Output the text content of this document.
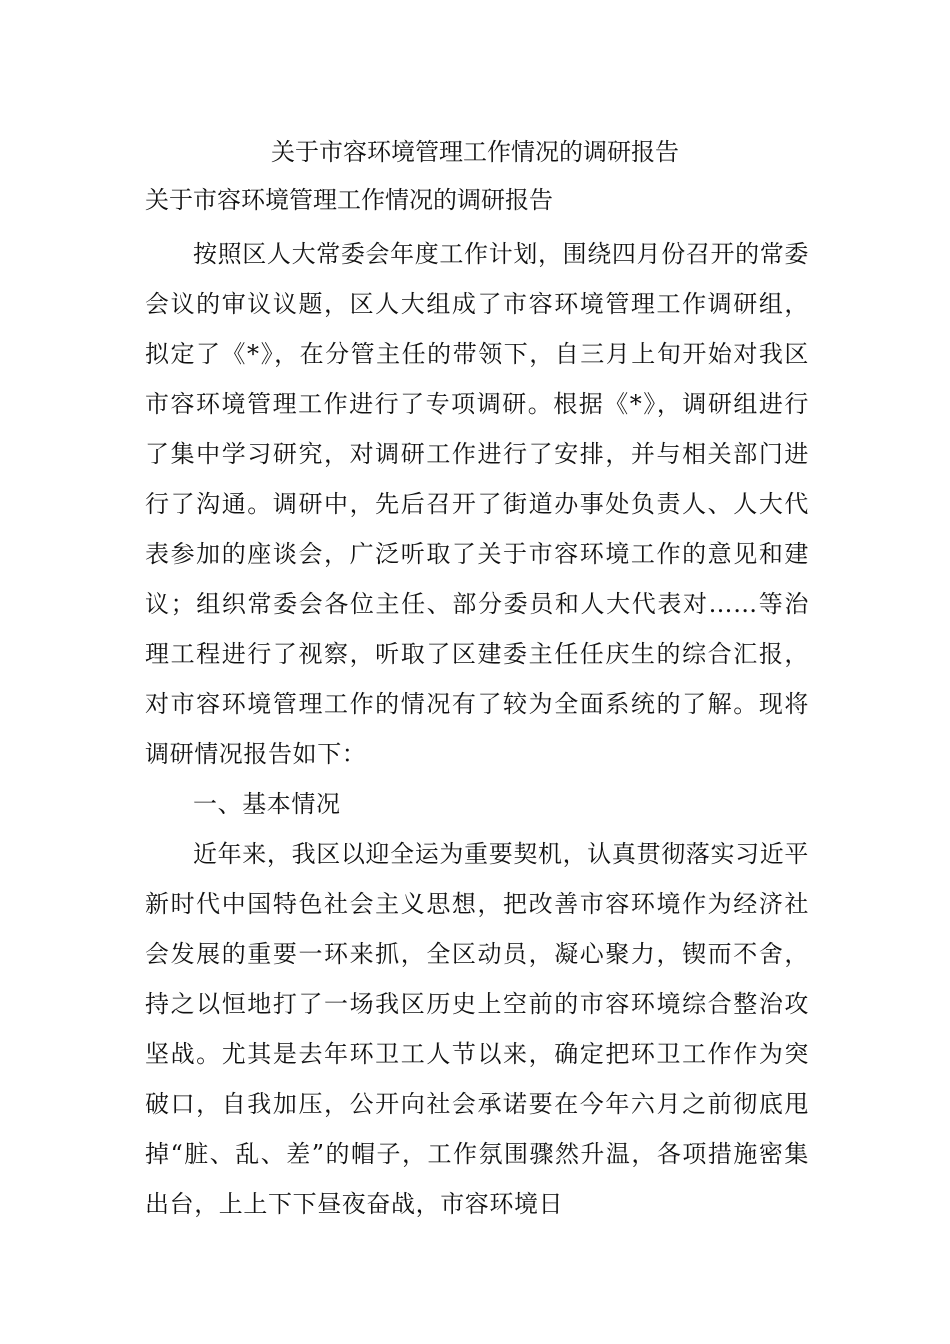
关于市容环境管理工作情况的调研报告
关于市容环境管理工作情况的调研报告

按照区人大常委会年度工作计划，围绕四月份召开的常委会议的审议议题，区人大组成了市容环境管理工作调研组，拟定了《*》，在分管主任的带领下，自三月上旬开始对我区市容环境管理工作进行了专项调研。根据《*》，调研组进行了集中学习研究，对调研工作进行了安排，并与相关部门进行了沟通。调研中，先后召开了街道办事处负责人、人大代表参加的座谈会，广泛听取了关于市容环境工作的意见和建议；组织常委会各位主任、部分委员和人大代表对……等治理工程进行了视察，听取了区建委主任任庆生的综合汇报，对市容环境管理工作的情况有了较为全面系统的了解。现将调研情况报告如下：

一、基本情况

近年来，我区以迎全运为重要契机，认真贯彻落实习近平新时代中国特色社会主义思想，把改善市容环境作为经济社会发展的重要一环来抓，全区动员，凝心聚力，锲而不舍，持之以恒地打了一场我区历史上空前的市容环境综合整治攻坚战。尤其是去年环卫工人节以来，确定把环卫工作作为突破口，自我加压，公开向社会承诺要在今年六月之前彻底甩掉“脏、乱、差”的帽子，工作氛围骤然升温，各项措施密集出台，上上下下昼夜奋战，市容环境日
